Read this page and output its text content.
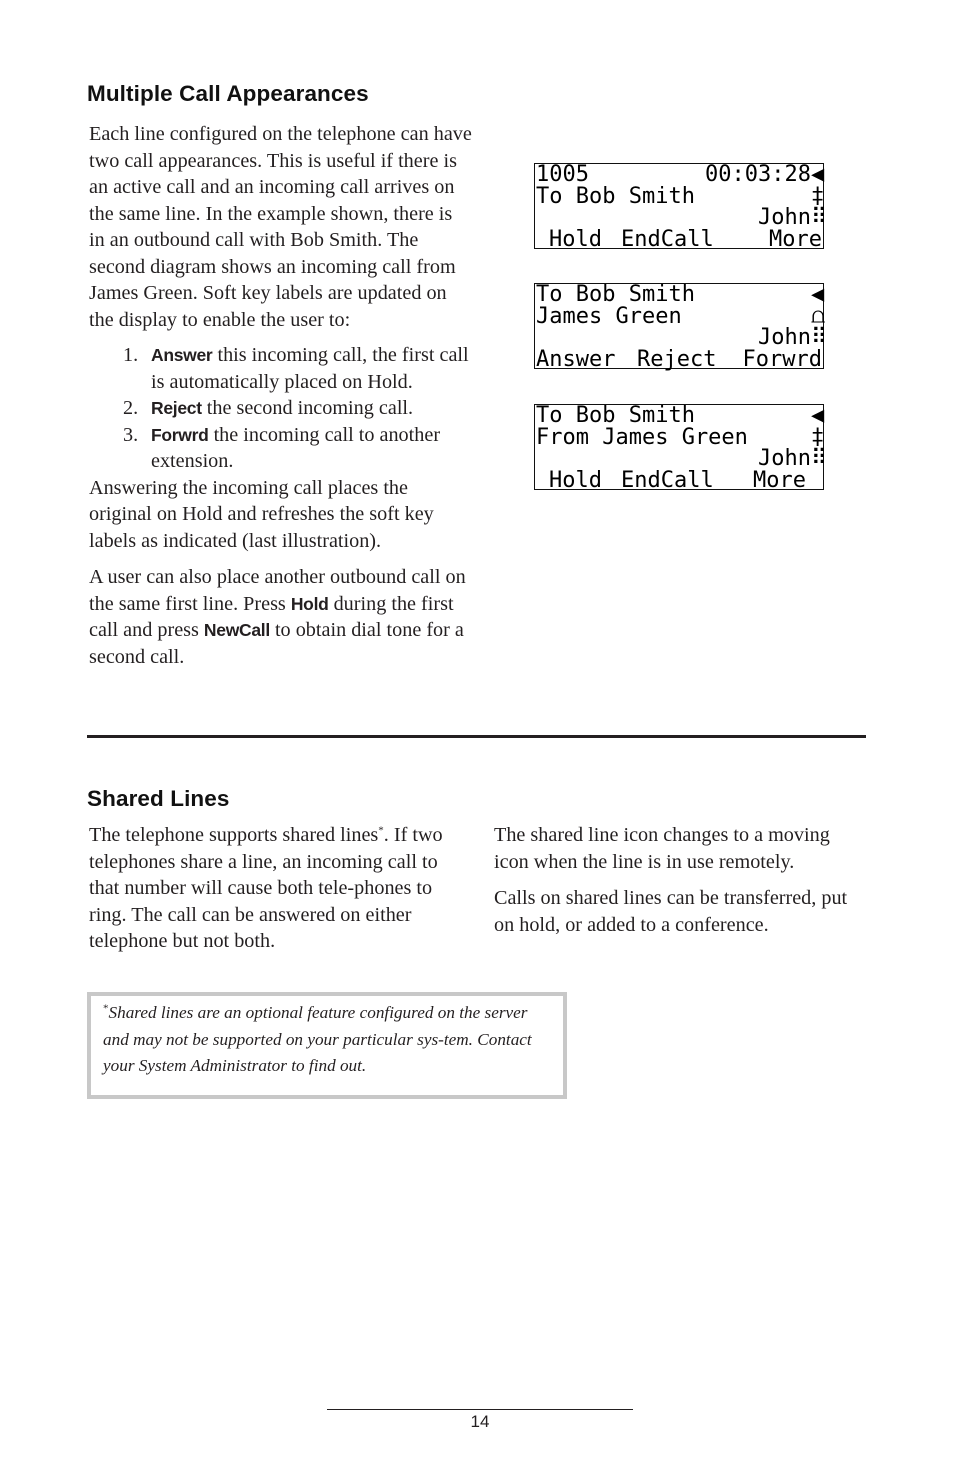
Multiple Call Appearances

Each line configured on the telephone can have two call appearances. This is useful if there is an active call and an incoming call arrives on the same line. In the example shown, there is in an outbound call with Bob Smith. The second diagram shows an incoming call from James Green. Soft key labels are updated on the display to enable the user to:

1. Answer this incoming call, the first call is automatically placed on Hold.
2. Reject the second incoming call.
3. Forwrd the incoming call to another extension.

Answering the incoming call places the original on Hold and refreshes the soft key labels as indicated (last illustration).

A user can also place another outbound call on the same first line. Press Hold during the first call and press NewCall to obtain dial tone for a second call.

1005	00:03:28◀
To Bob Smith	‡
John⠿
Hold EndCall	More
To Bob Smith	◀
James Green	⩍
John⠿
Answer Reject Forwrd
To Bob Smith	◀
From James Green	‡
John⠿
Hold EndCall More
Shared Lines

The telephone supports shared lines*. If two telephones share a line, an incoming call to that number will cause both tele-phones to ring. The call can be answered on either telephone but not both.

The shared line icon changes to a moving icon when the line is in use remotely.

Calls on shared lines can be transferred, put on hold, or added to a conference.

*Shared lines are an optional feature configured on the server and may not be supported on your particular sys-tem. Contact your System Administrator to find out.
14
